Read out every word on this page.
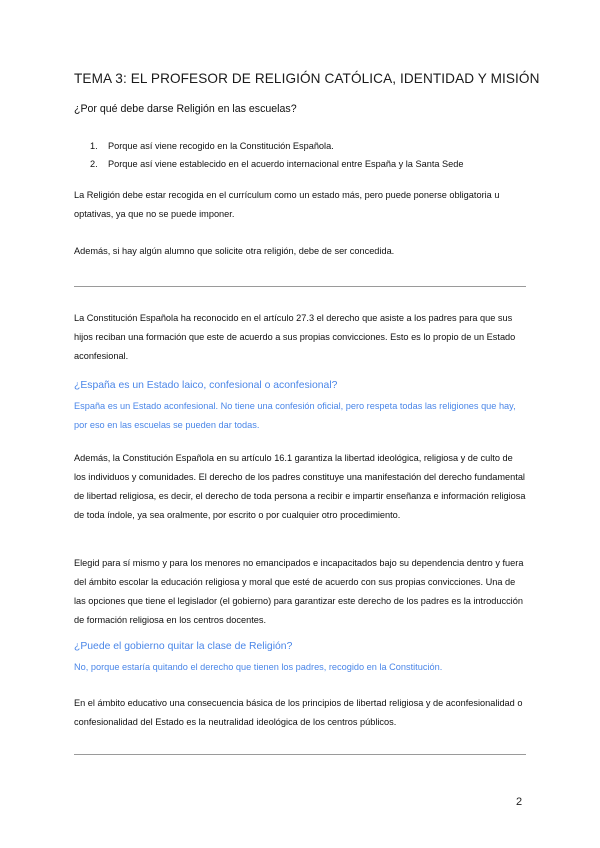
TEMA 3: EL PROFESOR DE RELIGIÓN CATÓLICA, IDENTIDAD Y MISIÓN
¿Por qué debe darse Religión en las escuelas?
1. Porque así viene recogido en la Constitución Española.
2. Porque así viene establecido en el acuerdo internacional entre España y la Santa Sede

La Religión debe estar recogida en el currículum como un estado más, pero puede ponerse obligatoria u optativas, ya que no se puede imponer.

Además, si hay algún alumno que solicite otra religión, debe de ser concedida.

La Constitución Española ha reconocido en el artículo 27.3 el derecho que asiste a los padres para que sus hijos reciban una formación que este de acuerdo a sus propias convicciones. Esto es lo propio de un Estado aconfesional.

¿España es un Estado laico, confesional o aconfesional?

España es un Estado aconfesional. No tiene una confesión oficial, pero respeta todas las religiones que hay, por eso en las escuelas se pueden dar todas.

Además, la Constitución Española en su artículo 16.1 garantiza la libertad ideológica, religiosa y de culto de los individuos y comunidades. El derecho de los padres constituye una manifestación del derecho fundamental de libertad religiosa, es decir, el derecho de toda persona a recibir e impartir enseñanza e información religiosa de toda índole, ya sea oralmente, por escrito o por cualquier otro procedimiento.

Elegid para sí mismo y para los menores no emancipados e incapacitados bajo su dependencia dentro y fuera del ámbito escolar la educación religiosa y moral que esté de acuerdo con sus propias convicciones. Una de las opciones que tiene el legislador (el gobierno) para garantizar este derecho de los padres es la introducción de formación religiosa en los centros docentes.

¿Puede el gobierno quitar la clase de Religión?

No, porque estaría quitando el derecho que tienen los padres, recogido en la Constitución.

En el ámbito educativo una consecuencia básica de los principios de libertad religiosa y de aconfesionalidad o confesionalidad del Estado es la neutralidad ideológica de los centros públicos.

2
